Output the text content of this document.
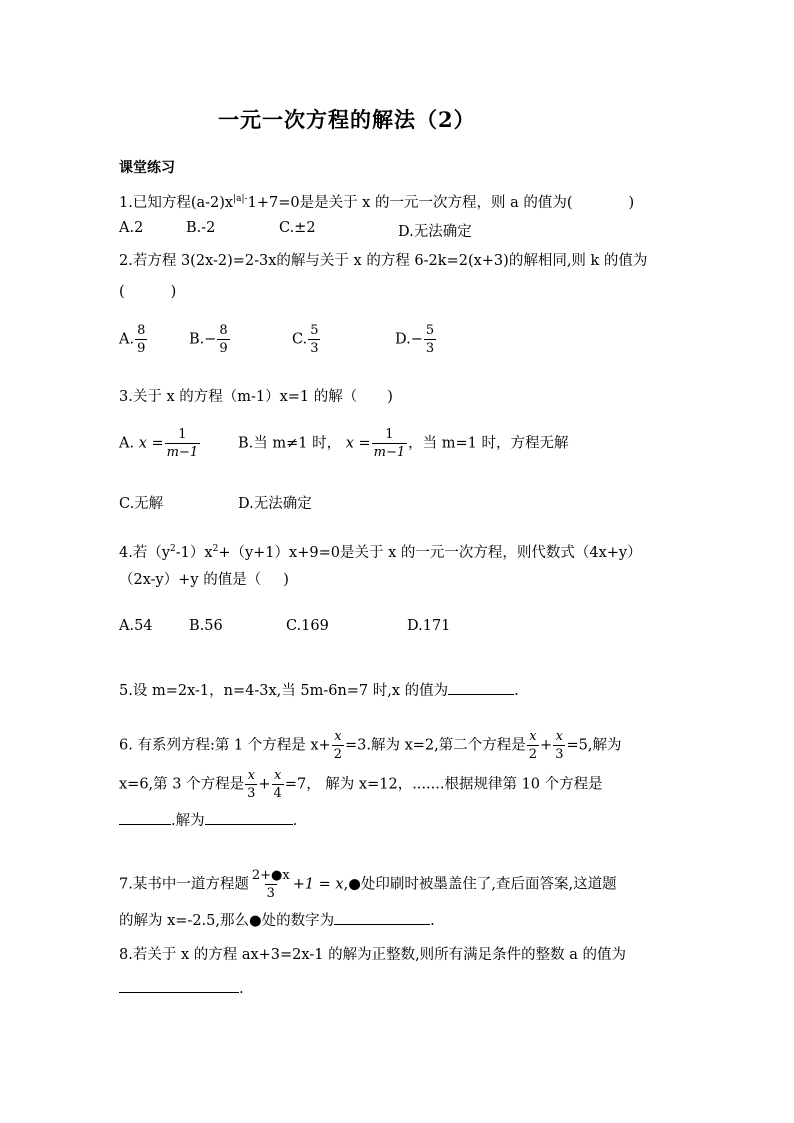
一元一次方程的解法（2）
课堂练习
1.已知方程$(a-2)x^{|a|-}1+7=0$是是关于 x 的一元一次方程，则 a 的值为(	)
A.2	B.-2	C.±2	D.无法确定
2.若方程 3(2x-2)=2-3x的解与关于 x 的方程 6-2k=2(x+3)的解相同,则 k 的值为
(	)
A. $\frac{8}{9}$	$B.- \frac{8}{9}$	C. $\frac{5}{3}$	$D.- \frac{5}{3}$
3.关于 x 的方程（m-1）x=1 的解（ )
A. $x = \frac{1}{m-1}$	B.当 m≠1 时， $x = \frac{1}{m-1}$ ，当 m=1 时，方程无解
C.无解	D.无法确定
4.若$(y^2-1)x^2+(y+1)x+9=0$是关于 x 的一元一次方程，则代数式（4x+y）
（2x-y）+y 的值是（ )
A.54	B.56	C.169	D.171
5.设 m=2x-1，n=4-3x,当 5m-6n=7 时,x 的值为	.
6. 有系列方程:第 1 个方程是 $x+ \frac{x}{2} =3$.解为 x=2,第二个方程是 $\frac{x}{2} + \frac{x}{3} =5$,解为
x=6,第 3 个方程是 $\frac{x}{3} + \frac{x}{4} =7$， 解为 x=12，.......根据规律第 10 个方程是
.解为	.
7.某书中一道方程题 $\frac{2+●x}{3} +1$ = x,●处印刷时被墨盖住了,查后面答案,这道题
的解为 x=-2.5,那么●处的数字为	.
8.若关于 x 的方程 ax+3=2x-1 的解为正整数,则所有满足条件的整数 a 的值为
.
